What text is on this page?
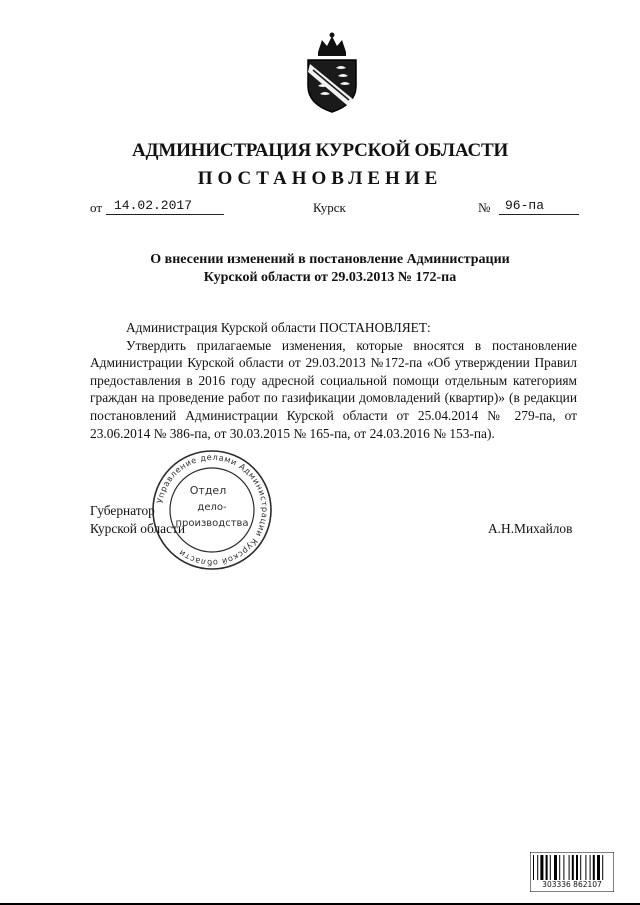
АДМИНИСТРАЦИЯ КУРСКОЙ ОБЛАСТИ
ПОСТАНОВЛЕНИЕ
от 14.02.2017	Курск	№	96-па
О внесении изменений в постановление Администрации
Курской области от 29.03.2013 № 172-па

Администрация Курской области ПОСТАНОВЛЯЕТ:

Утвердить прилагаемые изменения, которые вносятся в постановление Администрации Курской области от 29.03.2013 №172-па «Об утверждении Правил предоставления в 2016 году адресной социальной помощи отдельным категориям граждан на проведение работ по газификации домовладений (квартир)» (в редакции постановлений Администрации Курской области от 25.04.2014 № 279-па, от 23.06.2014 № 386-па, от 30.03.2015 № 165-па, от 24.03.2016 № 153-па).

Губернатор
Курской области	А.Н.Михайлов
Управление делами Администрации Курской области
Отдел
дело-
производства
303336 862107
